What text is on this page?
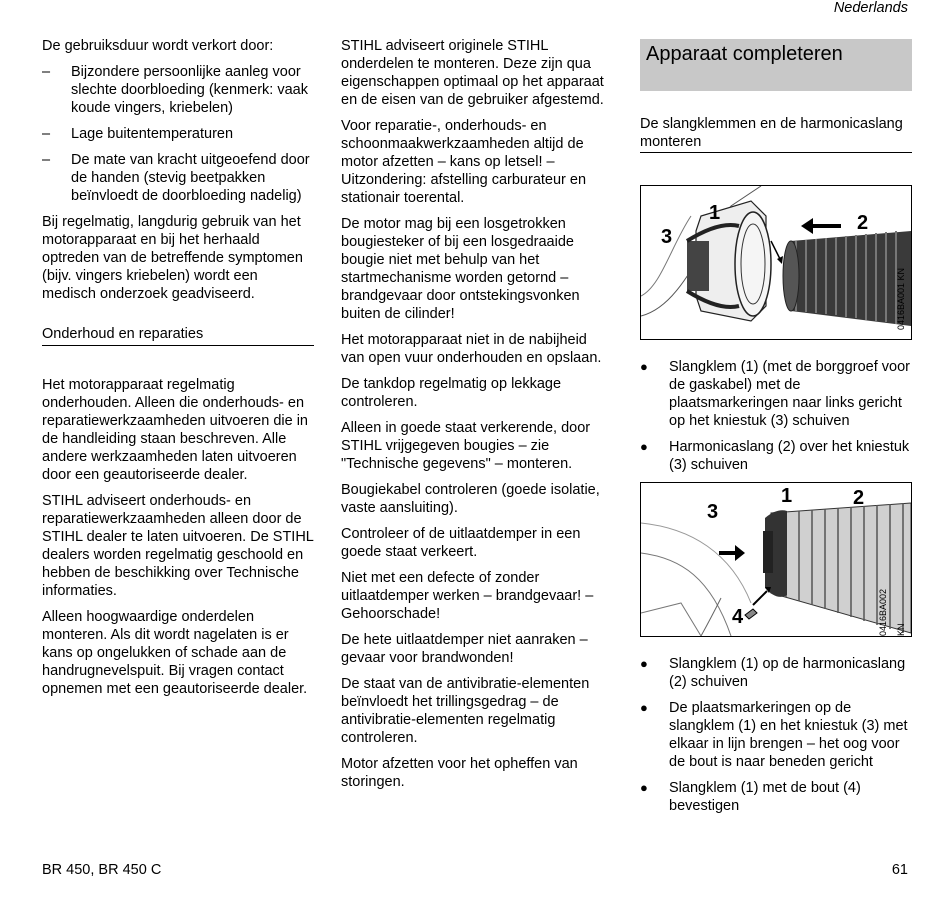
Nederlands

De gebruiksduur wordt verkort door:

–	Bijzondere persoonlijke aanleg voor slechte doorbloeding (kenmerk: vaak koude vingers, kriebelen)
–	Lage buitentemperaturen
–	De mate van kracht uitgeoefend door de handen (stevig beetpakken beïnvloedt de doorbloeding nadelig)

Bij regelmatig, langdurig gebruik van het motorapparaat en bij het herhaald optreden van de betreffende symptomen (bijv. vingers kriebelen) wordt een medisch onderzoek geadviseerd.

Onderhoud en reparaties

Het motorapparaat regelmatig onderhouden. Alleen die onderhouds- en reparatiewerkzaamheden uitvoeren die in de handleiding staan beschreven. Alle andere werkzaamheden laten uitvoeren door een geautoriseerde dealer.

STIHL adviseert onderhouds- en reparatiewerkzaamheden alleen door de STIHL dealer te laten uitvoeren. De STIHL dealers worden regelmatig geschoold en hebben de beschikking over Technische informaties.

Alleen hoogwaardige onderdelen monteren. Als dit wordt nagelaten is er kans op ongelukken of schade aan de handrugnevelspuit. Bij vragen contact opnemen met een geautoriseerde dealer.

STIHL adviseert originele STIHL onderdelen te monteren. Deze zijn qua eigenschappen optimaal op het apparaat en de eisen van de gebruiker afgestemd.

Voor reparatie-, onderhouds- en schoonmaakwerkzaamheden altijd de motor afzetten – kans op letsel! – Uitzondering: afstelling carburateur en stationair toerental.

De motor mag bij een losgetrokken bougiesteker of bij een losgedraaide bougie niet met behulp van het startmechanisme worden getornd – brandgevaar door ontstekingsvonken buiten de cilinder!

Het motorapparaat niet in de nabijheid van open vuur onderhouden en opslaan.

De tankdop regelmatig op lekkage controleren.

Alleen in goede staat verkerende, door STIHL vrijgegeven bougies – zie "Technische gegevens" – monteren.

Bougiekabel controleren (goede isolatie, vaste aansluiting).

Controleer of de uitlaatdemper in een goede staat verkeert.

Niet met een defecte of zonder uitlaatdemper werken – brandgevaar! – Gehoorschade!

De hete uitlaatdemper niet aanraken – gevaar voor brandwonden!

De staat van de antivibratie-elementen beïnvloedt het trillingsgedrag – de antivibratie-elementen regelmatig controleren.

Motor afzetten voor het opheffen van storingen.

Apparaat completeren
De slangklemmen en de harmonicaslang monteren
1	2
3
0416BA001 KN
●	Slangklem (1) (met de borggroef voor de gaskabel) met de plaatsmarkeringen naar links gericht op het kniestuk (3) schuiven
●	Harmonicaslang (2) over het kniestuk (3) schuiven
1	2
3
4	0416BA002 KN
●	Slangklem (1) op de harmonicaslang (2) schuiven
●	De plaatsmarkeringen op de slangklem (1) en het kniestuk (3) met elkaar in lijn brengen – het oog voor de bout is naar beneden gericht
●	Slangklem (1) met de bout (4) bevestigen
BR 450, BR 450 C	61
